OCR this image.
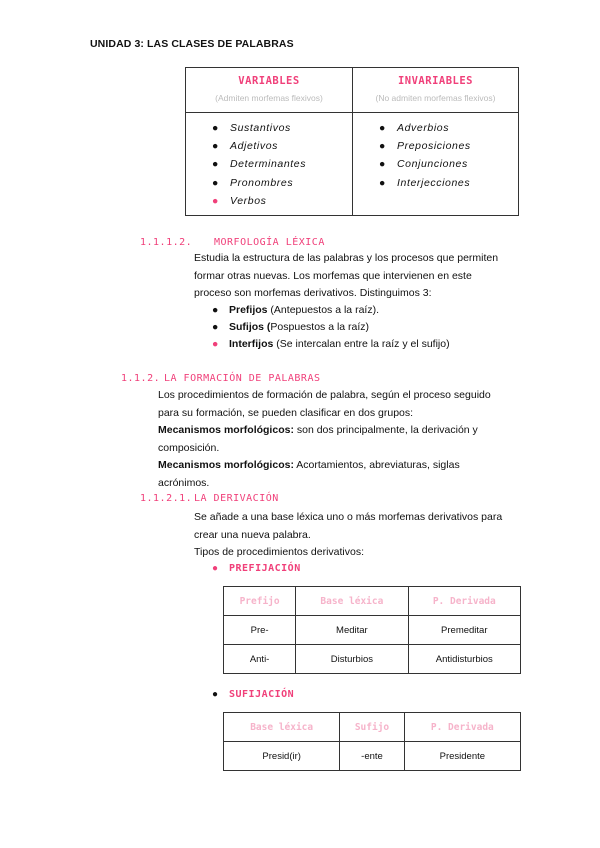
UNIDAD 3: LAS CLASES DE PALABRAS
VARIABLES
(Admiten morfemas flexivos)
● Sustantivos
● Adjetivos
● Determinantes
● Pronombres
● Verbos
INVARIABLES
(No admiten morfemas flexivos)
● Adverbios
● Preposiciones
● Conjunciones
● Interjecciones
1.1.1.2. MORFOLOGÍA LÉXICA
Estudia la estructura de las palabras y los procesos que permiten
formar otras nuevas. Los morfemas que intervienen en este
proceso son morfemas derivativos. Distinguimos 3:
● Prefijos (Antepuestos a la raíz).
● Sufijos (Pospuestos a la raíz)
● Interfijos (Se intercalan entre la raíz y el sufijo)
1.1.2. LA FORMACIÓN DE PALABRAS
Los procedimientos de formación de palabra, según el proceso seguido
para su formación, se pueden clasificar en dos grupos:
Mecanismos morfológicos: son dos principalmente, la derivación y
composición.
Mecanismos morfológicos: Acortamientos, abreviaturas, siglas
acrónimos.
1.1.2.1. LA DERIVACIÓN
Se añade a una base léxica uno o más morfemas derivativos para
crear una nueva palabra.
Tipos de procedimientos derivativos:
● PREFIJACIÓN
Prefijo	Base léxica	P. Derivada
Pre-	Meditar	Premeditar
Anti-	Disturbios	Antidisturbios
● SUFIJACIÓN
Base léxica	Sufijo	P. Derivada
Presid(ir)	-ente	Presidente
